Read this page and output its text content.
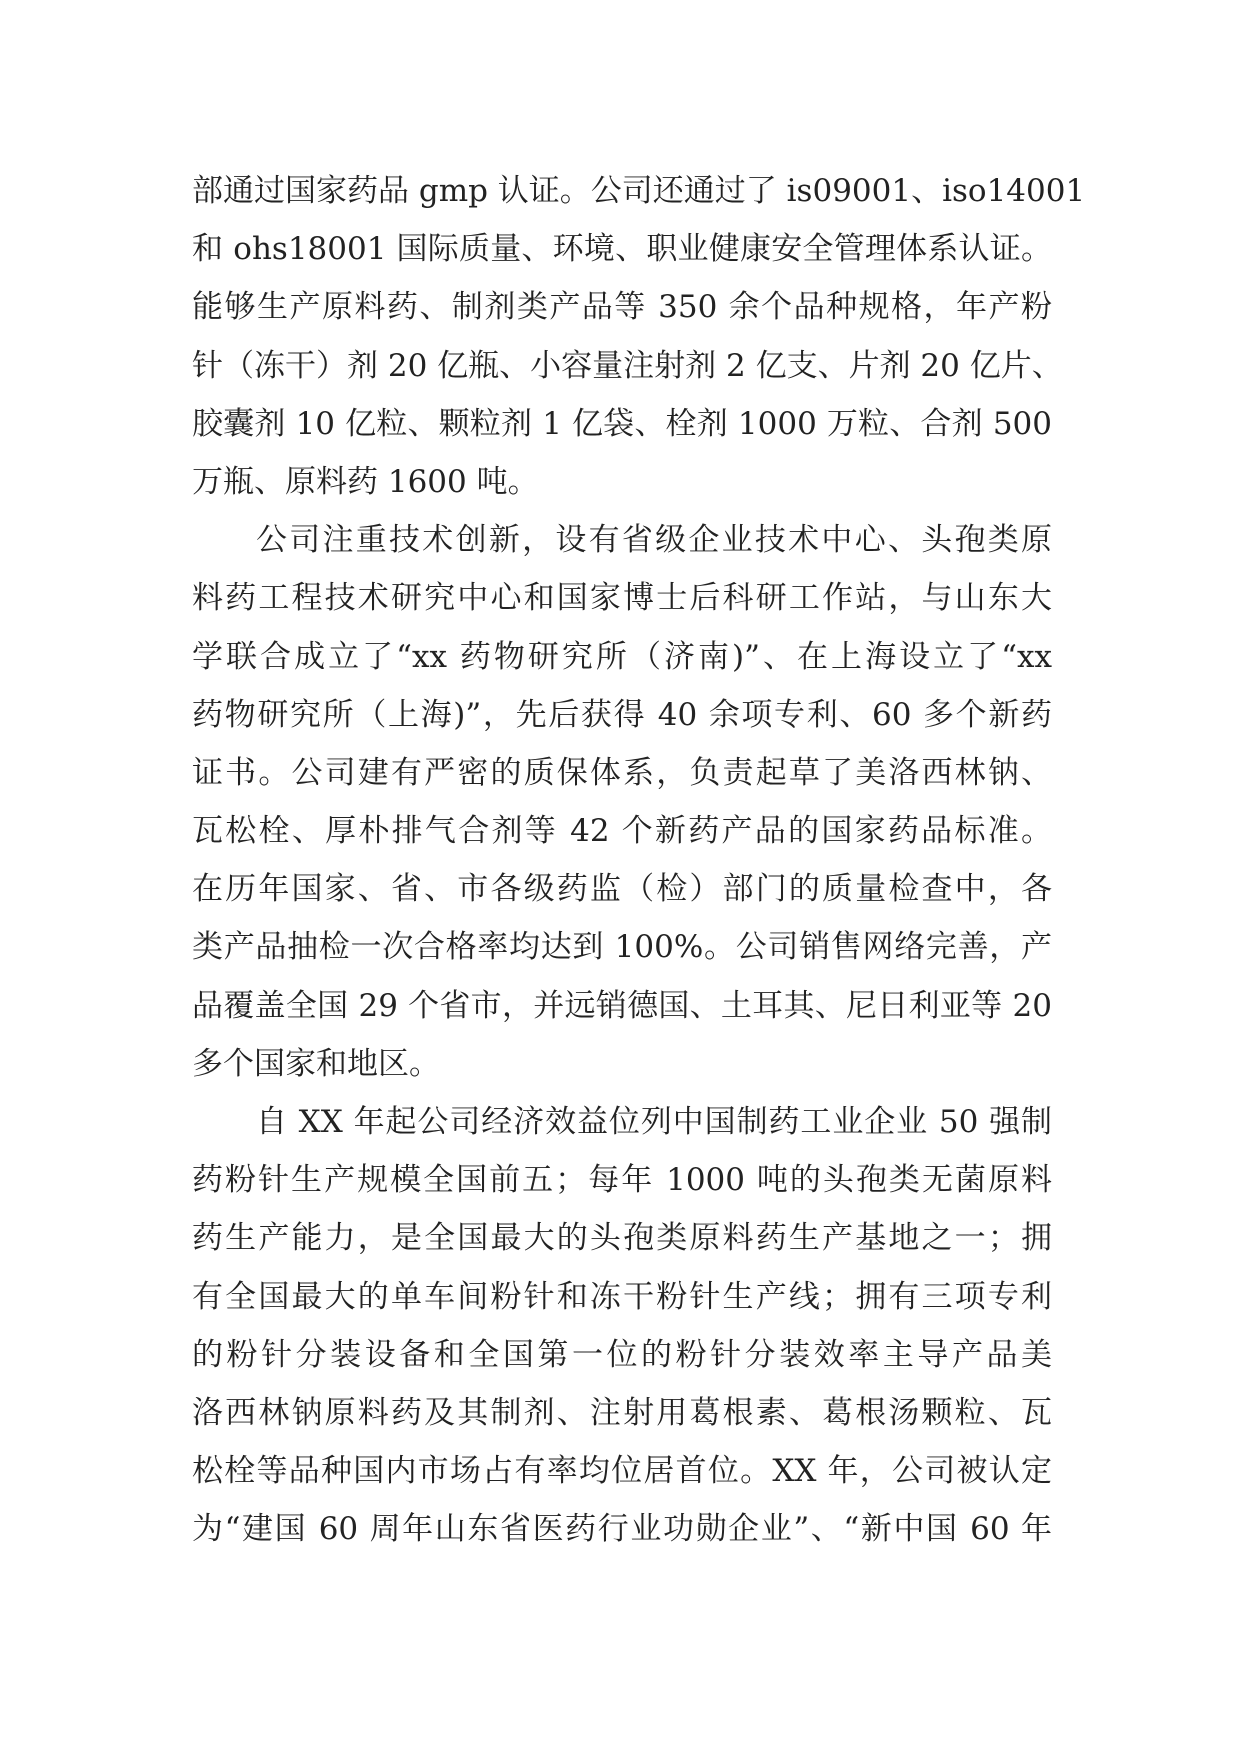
部通过国家药品 gmp 认证。公司还通过了 is09001、iso14001
和 ohs18001 国际质量、环境、职业健康安全管理体系认证。
能够生产原料药、制剂类产品等 350 余个品种规格，年产粉
针（冻干）剂 20 亿瓶、小容量注射剂 2 亿支、片剂 20 亿片、
胶囊剂 10 亿粒、颗粒剂 1 亿袋、栓剂 1000 万粒、合剂 500
万瓶、原料药 1600 吨。
公司注重技术创新，设有省级企业技术中心、头孢类原
料药工程技术研究中心和国家博士后科研工作站，与山东大
学联合成立了“xx 药物研究所（济南)”、在上海设立了“xx
药物研究所（上海)”，先后获得 40 余项专利、60 多个新药
证书。公司建有严密的质保体系，负责起草了美洛西林钠、
瓦松栓、厚朴排气合剂等 42 个新药产品的国家药品标准。
在历年国家、省、市各级药监（检）部门的质量检查中，各
类产品抽检一次合格率均达到 100%。公司销售网络完善，产
品覆盖全国 29 个省市，并远销德国、土耳其、尼日利亚等 20
多个国家和地区。
自 XX 年起公司经济效益位列中国制药工业企业 50 强制
药粉针生产规模全国前五；每年 1000 吨的头孢类无菌原料
药生产能力，是全国最大的头孢类原料药生产基地之一；拥
有全国最大的单车间粉针和冻干粉针生产线；拥有三项专利
的粉针分装设备和全国第一位的粉针分装效率主导产品美
洛西林钠原料药及其制剂、注射用葛根素、葛根汤颗粒、瓦
松栓等品种国内市场占有率均位居首位。XX 年，公司被认定
为“建国 60 周年山东省医药行业功勋企业”、“新中国 60 年
